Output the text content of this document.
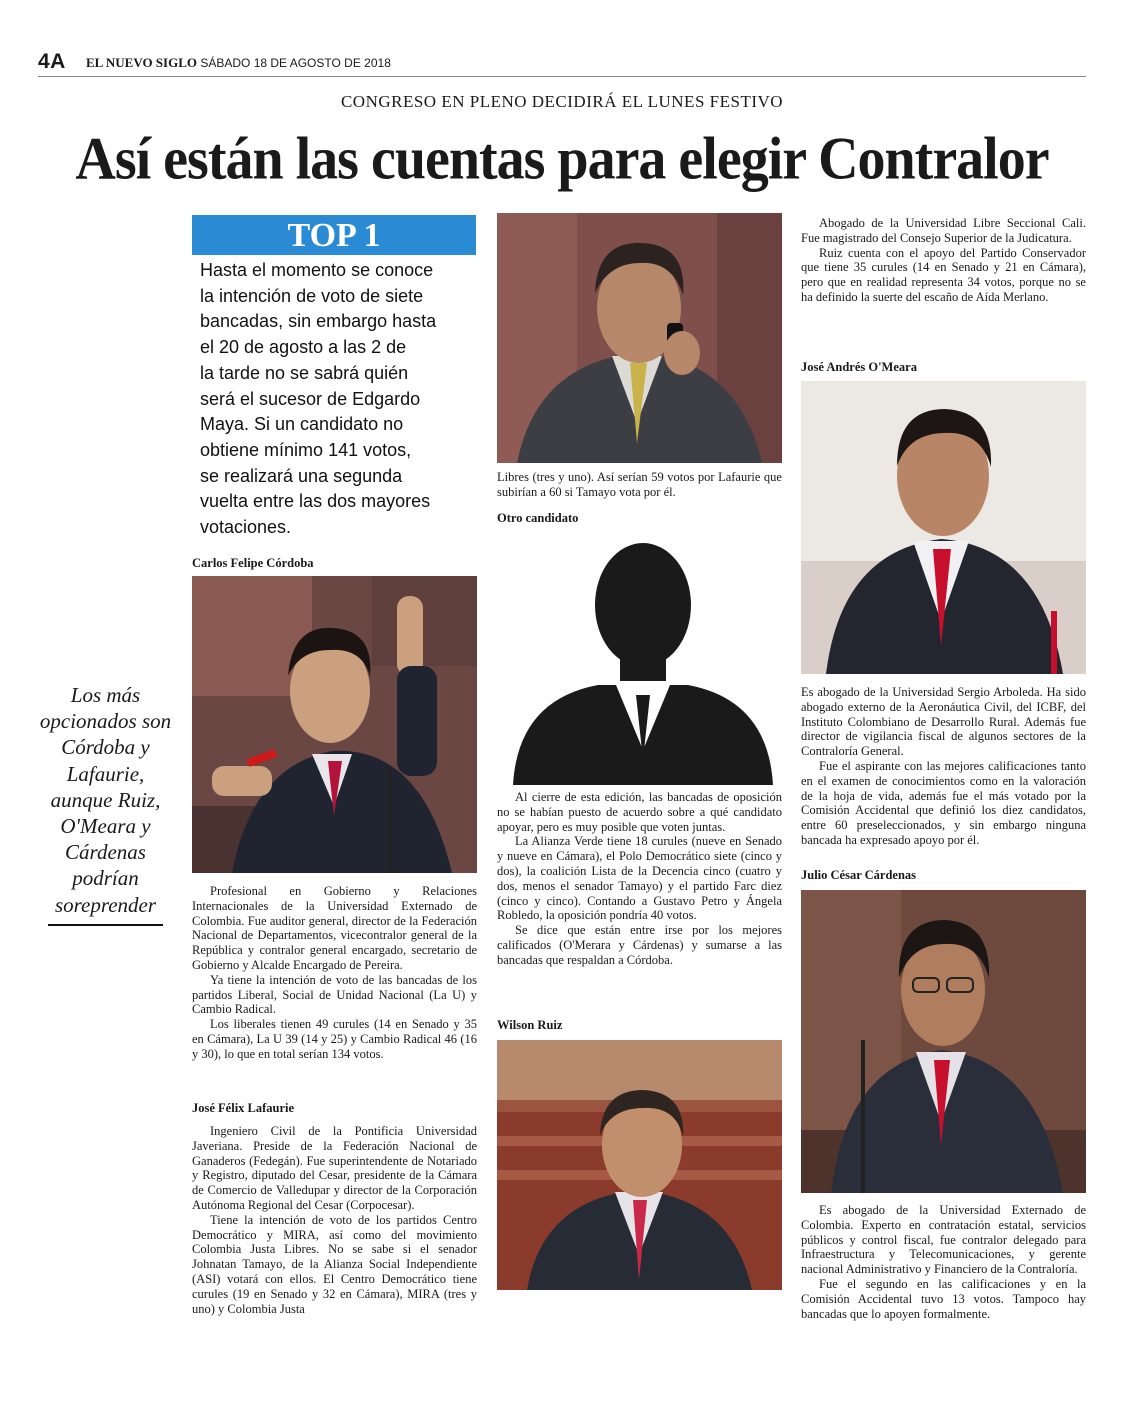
4A EL NUEVO SIGLO SÁBADO 18 DE AGOSTO DE 2018
CONGRESO EN PLENO DECIDIRÁ EL LUNES FESTIVO
Así están las cuentas para elegir Contralor
TOP 1
Hasta el momento se conoce
la intención de voto de siete
bancadas, sin embargo hasta
el 20 de agosto a las 2 de
la tarde no se sabrá quién
será el sucesor de Edgardo
Maya. Si un candidato no
obtiene mínimo 141 votos,
se realizará una segunda
vuelta entre las dos mayores
votaciones.
Los más opcionados son Córdoba y Lafaurie, aunque Ruiz, O'Meara y Cárdenas podrían soreprender
Carlos Felipe Córdoba

Profesional en Gobierno y Relaciones Internacionales de la Universidad Externado de Colombia. Fue auditor general, director de la Federación Nacional de Departamentos, vicecontralor general de la República y contralor general encargado, secretario de Gobierno y Alcalde Encargado de Pereira.

Ya tiene la intención de voto de las bancadas de los partidos Liberal, Social de Unidad Nacional (La U) y Cambio Radical.

Los liberales tienen 49 curules (14 en Senado y 35 en Cámara), La U 39 (14 y 25) y Cambio Radical 46 (16 y 30), lo que en total serían 134 votos.

José Félix Lafaurie

Ingeniero Civil de la Pontificia Universidad Javeriana. Preside de la Federación Nacional de Ganaderos (Fedegán). Fue superintendente de Notariado y Registro, diputado del Cesar, presidente de la Cámara de Comercio de Valledupar y director de la Corporación Autónoma Regional del Cesar (Corpocesar).

Tiene la intención de voto de los partidos Centro Democrático y MIRA, así como del movimiento Colombia Justa Libres. No se sabe si el senador Johnatan Tamayo, de la Alianza Social Independiente (ASI) votará con ellos. El Centro Democrático tiene curules (19 en Senado y 32 en Cámara), MIRA (tres y uno) y Colombia Justa

Libres (tres y uno). Así serían 59 votos por Lafaurie que subirían a 60 si Tamayo vota por él.

Otro candidato

Al cierre de esta edición, las bancadas de oposición no se habían puesto de acuerdo sobre a qué candidato apoyar, pero es muy posible que voten juntas.

La Alianza Verde tiene 18 curules (nueve en Senado y nueve en Cámara), el Polo Democrático siete (cinco y dos), la coalición Lista de la Decencia cinco (cuatro y dos, menos el senador Tamayo) y el partido Farc diez (cinco y cinco). Contando a Gustavo Petro y Ángela Robledo, la oposición pondría 40 votos.

Se dice que están entre irse por los mejores calificados (O'Merara y Cárdenas) y sumarse a las bancadas que respaldan a Córdoba.

Wilson Ruiz

Abogado de la Universidad Libre Seccional Cali. Fue magistrado del Consejo Superior de la Judicatura.

Ruiz cuenta con el apoyo del Partido Conservador que tiene 35 curules (14 en Senado y 21 en Cámara), pero que en realidad representa 34 votos, porque no se ha definido la suerte del escaño de Aída Merlano.

José Andrés O'Meara

Es abogado de la Universidad Sergio Arboleda. Ha sido abogado externo de la Aeronáutica Civil, del ICBF, del Instituto Colombiano de Desarrollo Rural. Además fue director de vigilancia fiscal de algunos sectores de la Contraloría General.

Fue el aspirante con las mejores calificaciones tanto en el examen de conocimientos como en la valoración de la hoja de vida, además fue el más votado por la Comisión Accidental que definió los diez candidatos, entre 60 preseleccionados, y sin embargo ninguna bancada ha expresado apoyo por él.

Julio César Cárdenas

Es abogado de la Universidad Externado de Colombia. Experto en contratación estatal, servicios públicos y control fiscal, fue contralor delegado para Infraestructura y Telecomunicaciones, y gerente nacional Administrativo y Financiero de la Contraloría.

Fue el segundo en las calificaciones y en la Comisión Accidental tuvo 13 votos. Tampoco hay bancadas que lo apoyen formalmente.
